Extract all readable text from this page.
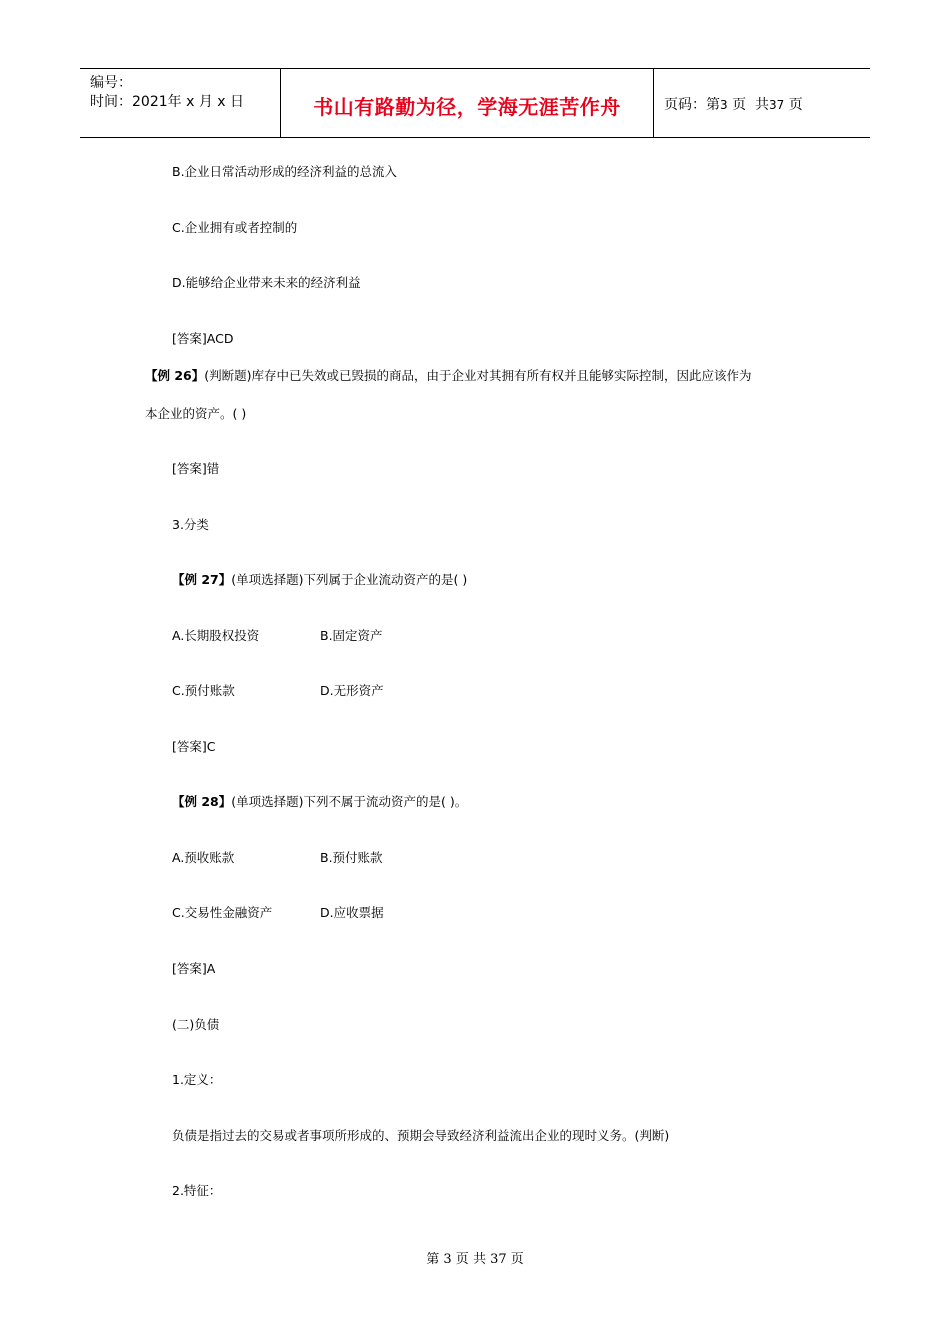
编号：
时间：2021年 x 月 x 日	书山有路勤为径，学海无涯苦作舟	页码：第3 页 共37 页
B.企业日常活动形成的经济利益的总流入
C.企业拥有或者控制的
D.能够给企业带来未来的经济利益
[答案]ACD
【例 26】(判断题)库存中已失效或已毁损的商品，由于企业对其拥有所有权并且能够实际控制，因此应该作为
本企业的资产。( )
[答案]错
3.分类
【例 27】(单项选择题)下列属于企业流动资产的是( )
A.长期股权投资	B.固定资产
C.预付账款	D.无形资产
[答案]C
【例 28】(单项选择题)下列不属于流动资产的是( )。
A.预收账款	B.预付账款
C.交易性金融资产	D.应收票据
[答案]A
(二)负债
1.定义：
负债是指过去的交易或者事项所形成的、预期会导致经济利益流出企业的现时义务。(判断)
2.特征：
第 3 页 共 37 页
